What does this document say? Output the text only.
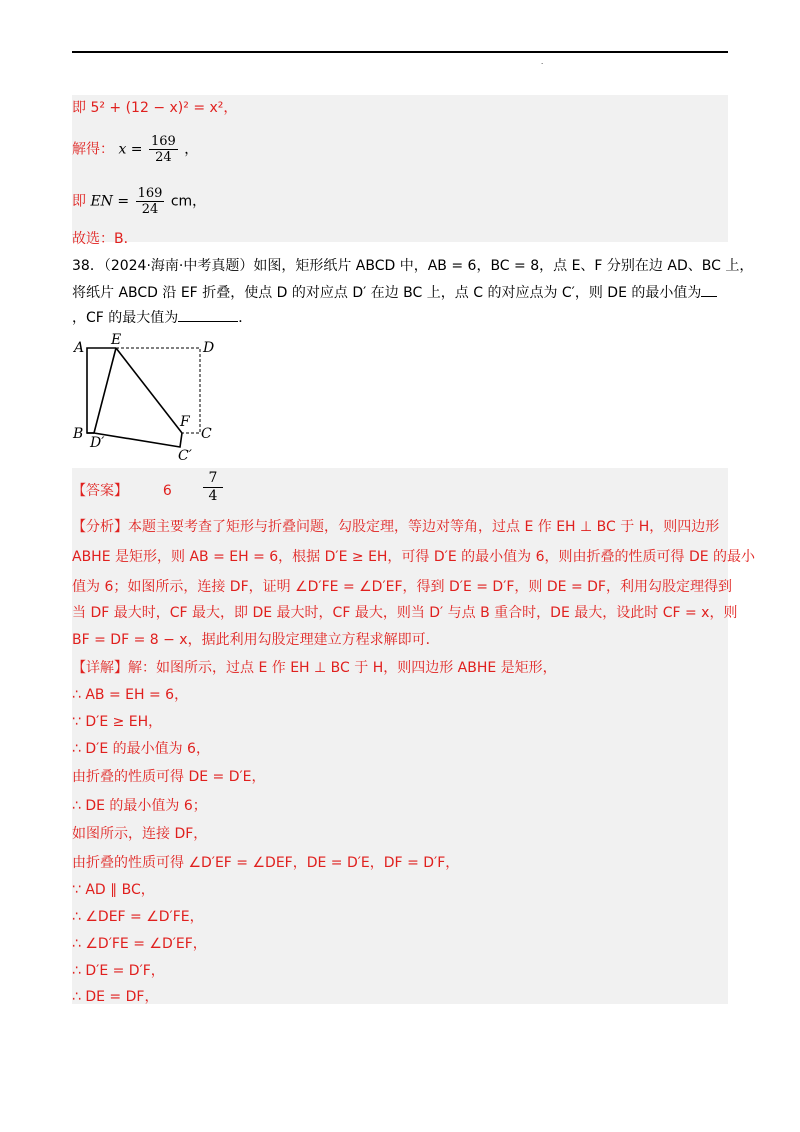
.
即 5² + (12 − x)² = x²，
解得： $x = \frac{169}{24}$ ，
即 EN = $\frac{169}{24}$ cm，
故选：B．
38．（2024·海南·中考真题）如图，矩形纸片 ABCD 中，AB = 6，BC = 8，点 E、F 分别在边 AD、BC 上，
将纸片 ABCD 沿 EF 折叠，使点 D 的对应点 D′ 在边 BC 上，点 C 的对应点为 C′，则 DE 的最小值为
，CF 的最大值为	．
A E	D
F
B
D′
C
C′
【答案】 $6 \frac{7}{4}$
【分析】本题主要考查了矩形与折叠问题，勾股定理，等边对等角，过点 E 作 EH ⊥ BC 于 H，则四边形
ABHE 是矩形，则 AB = EH = 6，根据 D′E ≥ EH，可得 D′E 的最小值为 6，则由折叠的性质可得 DE 的最小
值为 6；如图所示，连接 DF，证明 ∠D′FE = ∠D′EF，得到 D′E = D′F，则 DE = DF，利用勾股定理得到
当 DF 最大时，CF 最大，即 DE 最大时，CF 最大，则当 D′ 与点 B 重合时，DE 最大，设此时 CF = x，则
BF = DF = 8 − x，据此利用勾股定理建立方程求解即可．
【详解】解：如图所示，过点 E 作 EH ⊥ BC 于 H，则四边形 ABHE 是矩形，
∴ AB = EH = 6，
∵ D′E ≥ EH，
∴ D′E 的最小值为 6，
由折叠的性质可得 DE = D′E，
∴ DE 的最小值为 6；
如图所示，连接 DF，
由折叠的性质可得 ∠D′EF = ∠DEF，DE = D′E，DF = D′F，
∵ AD ∥ BC，
∴ ∠DEF = ∠D′FE，
∴ ∠D′FE = ∠D′EF，
∴ D′E = D′F，
∴ DE = DF，
